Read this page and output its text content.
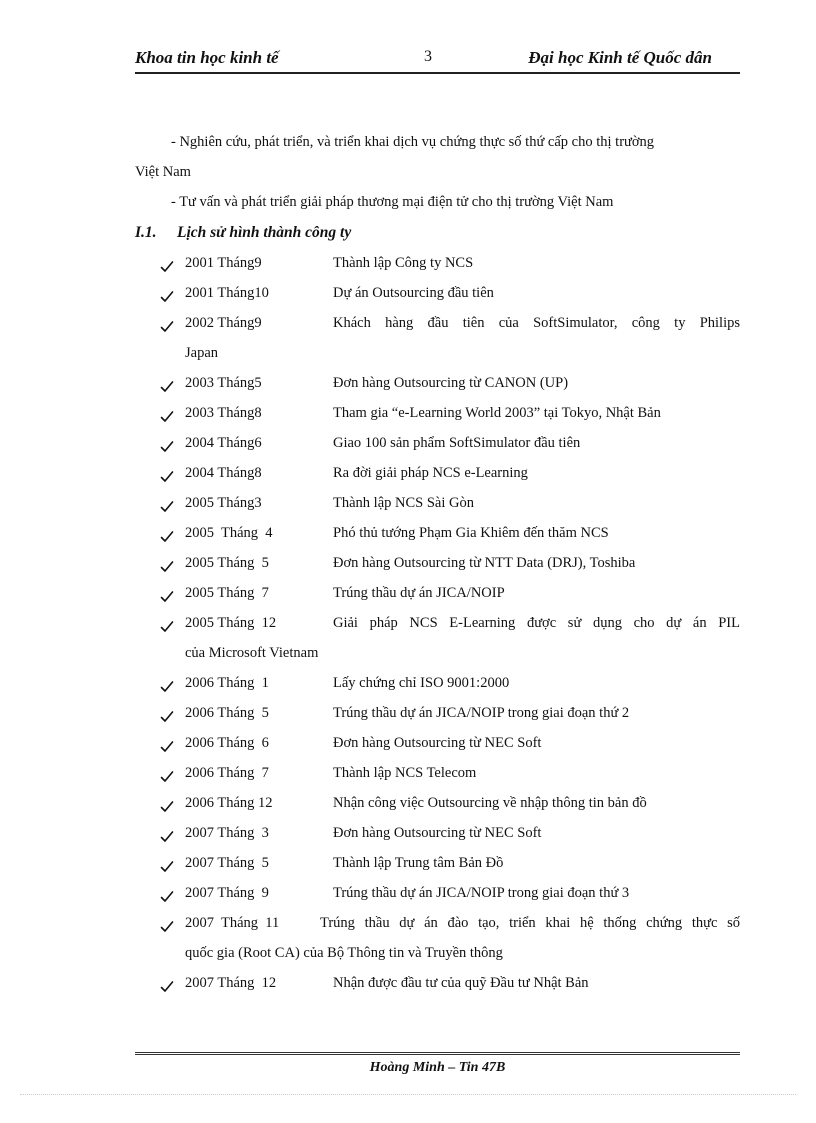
Khoa tin học kinh tế	3	Đại học Kinh tế Quốc dân
- Nghiên cứu, phát triển, và triển khai dịch vụ chứng thực số thứ cấp cho thị trường
Việt Nam
- Tư vấn và phát triển giải pháp thương mại điện tử cho thị trường Việt Nam
I.1. Lịch sử hình thành công ty
2001 Tháng9	Thành lập Công ty NCS
2001 Tháng10	Dự án Outsourcing đầu tiên
2002 Tháng9	Khách hàng đầu tiên của SoftSimulator, công ty Philips
Japan
2003 Tháng5	Đơn hàng Outsourcing từ CANON (UP)
2003 Tháng8	Tham gia “e-Learning World 2003” tại Tokyo, Nhật Bản
2004 Tháng6	Giao 100 sản phẩm SoftSimulator đầu tiên
2004 Tháng8	Ra đời giải pháp NCS e-Learning
2005 Tháng3	Thành lập NCS Sài Gòn
2005  Tháng  4	Phó thủ tướng Phạm Gia Khiêm đến thăm NCS
2005 Tháng  5	Đơn hàng Outsourcing từ NTT Data (DRJ), Toshiba
2005 Tháng  7	Trúng thầu dự án JICA/NOIP
2005 Tháng  12	Giải pháp NCS E-Learning được sử dụng cho dự án PIL
của Microsoft Vietnam
2006 Tháng  1	Lấy chứng chỉ ISO 9001:2000
2006 Tháng  5	Trúng thầu dự án JICA/NOIP trong giai đoạn thứ 2
2006 Tháng  6	Đơn hàng Outsourcing từ NEC Soft
2006 Tháng  7	Thành lập NCS Telecom
2006 Tháng 12	Nhận công việc Outsourcing về nhập thông tin bản đồ
2007 Tháng  3	Đơn hàng Outsourcing từ NEC Soft
2007 Tháng  5	Thành lập Trung tâm Bản Đồ
2007 Tháng  9	Trúng thầu dự án JICA/NOIP trong giai đoạn thứ 3
2007  Tháng  11	Trúng thầu dự án đào tạo, triển khai hệ thống chứng thực số
quốc gia (Root CA) của Bộ Thông tin và Truyền thông
2007 Tháng  12	Nhận được đầu tư của quỹ Đầu tư Nhật Bản
Hoàng Minh – Tin 47B
